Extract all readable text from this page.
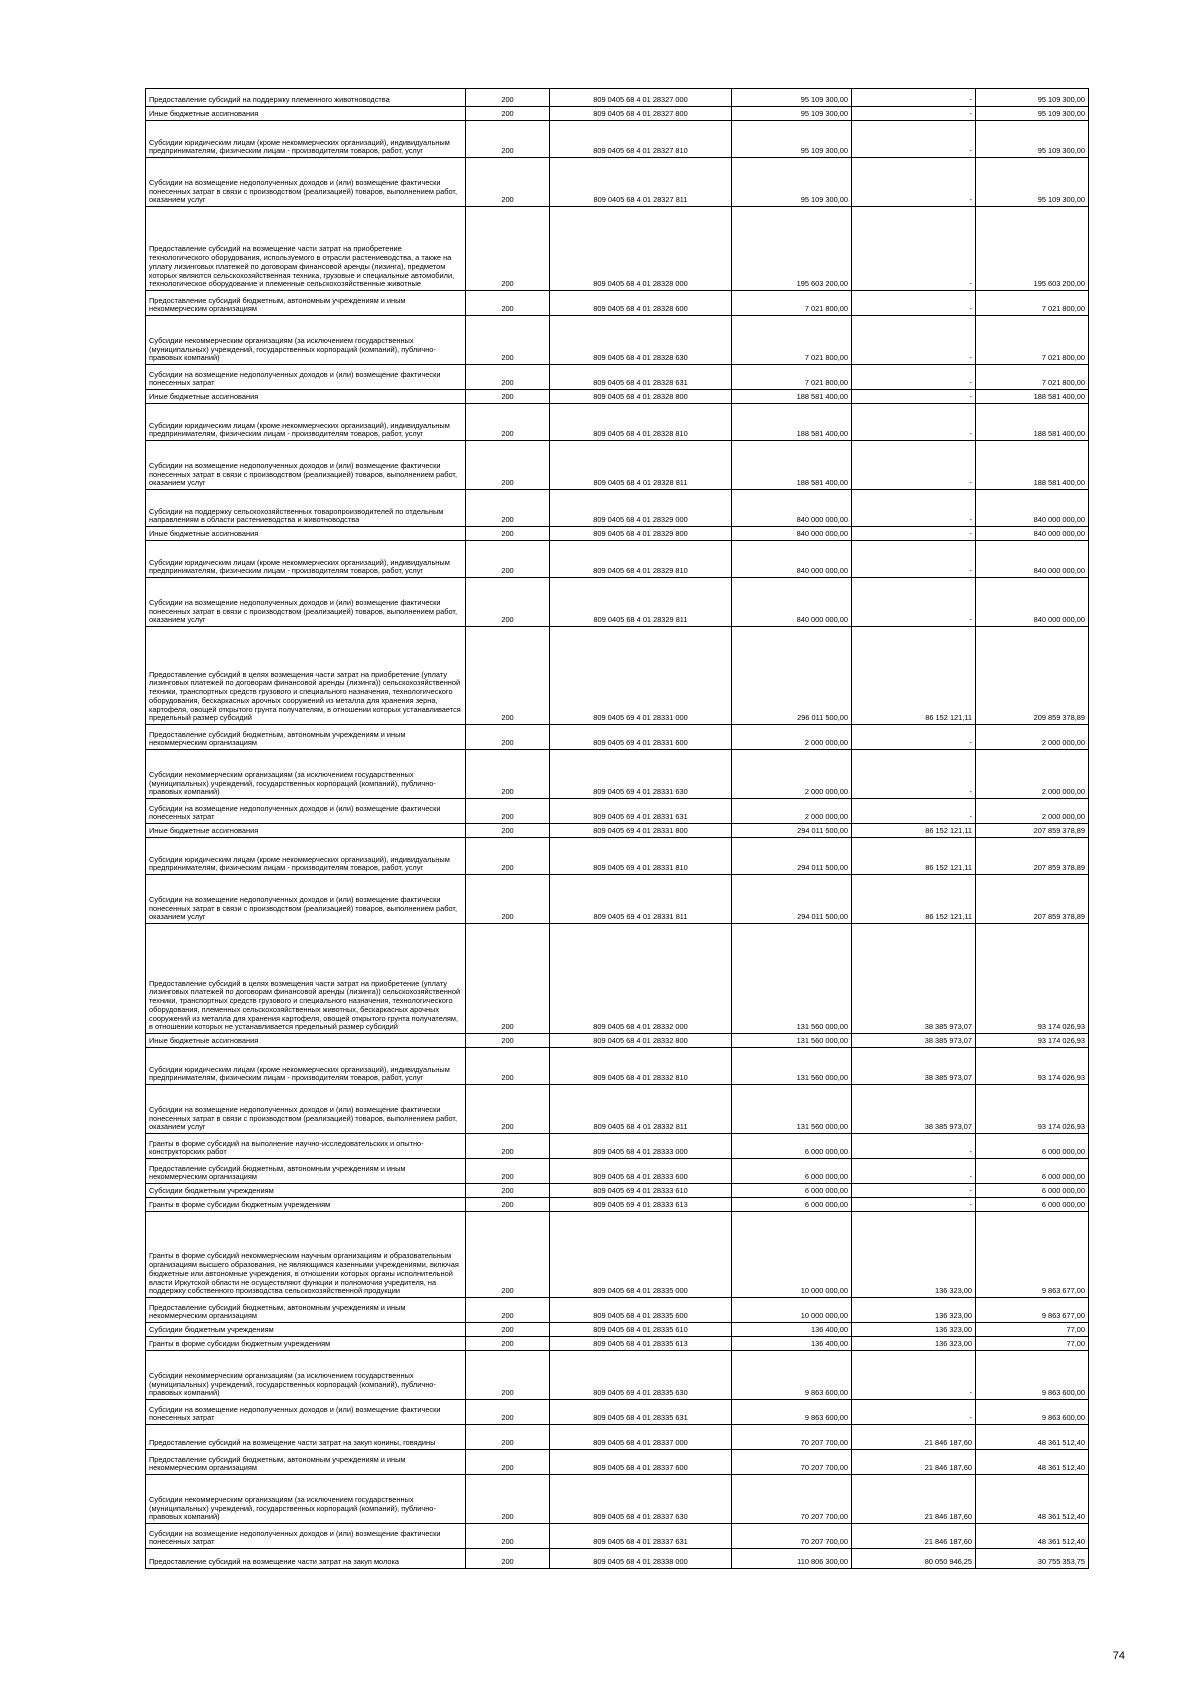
Предоставление субсидий на поддержку племенного животноводства	200	809 0405 68 4 01 28327 000	95 109 300,00	-	95 109 300,00
Иные бюджетные ассигнования	200	809 0405 68 4 01 28327 800	95 109 300,00	-	95 109 300,00
Субсидии юридическим лицам (кроме некоммерческих организаций), индивидуальным предпринимателям, физическим лицам - производителям товаров, работ, услуг	200	809 0405 68 4 01 28327 810	95 109 300,00	-	95 109 300,00
Субсидии на возмещение недополученных доходов и (или) возмещение фактически понесенных затрат в связи с производством (реализацией) товаров, выполнением работ, оказанием услуг	200	809 0405 68 4 01 28327 811	95 109 300,00	-	95 109 300,00
Предоставление субсидий на возмещение части затрат на приобретение технологического оборудования, используемого в отрасли растениеводства, а также на уплату лизинговых платежей по договорам финансовой аренды (лизинга), предметом которых являются сельскохозяйственная техника, грузовые и специальные автомобили, технологическое оборудование и племенные сельскохозяйственные животные	200	809 0405 68 4 01 28328 000	195 603 200,00	-	195 603 200,00
Предоставление субсидий бюджетным, автономным учреждениям и иным некоммерческим организациям	200	809 0405 68 4 01 28328 600	7 021 800,00	-	7 021 800,00
Субсидии некоммерческим организациям (за исключением государственных (муниципальных) учреждений, государственных корпораций (компаний), публично-правовых компаний)	200	809 0405 68 4 01 28328 630	7 021 800,00	-	7 021 800,00
Субсидии на возмещение недополученных доходов и (или) возмещение фактически понесенных затрат	200	809 0405 68 4 01 28328 631	7 021 800,00	-	7 021 800,00
Иные бюджетные ассигнования	200	809 0405 68 4 01 28328 800	188 581 400,00	-	188 581 400,00
Субсидии юридическим лицам (кроме некоммерческих организаций), индивидуальным предпринимателям, физическим лицам - производителям товаров, работ, услуг	200	809 0405 68 4 01 28328 810	188 581 400,00	-	188 581 400,00
Субсидии на возмещение недополученных доходов и (или) возмещение фактически понесенных затрат в связи с производством (реализацией) товаров, выполнением работ, оказанием услуг	200	809 0405 68 4 01 28328 811	188 581 400,00	-	188 581 400,00
Субсидии на поддержку сельскохозяйственных товаропроизводителей по отдельным направлениям в области растениеводства и животноводства	200	809 0405 68 4 01 28329 000	840 000 000,00	-	840 000 000,00
Иные бюджетные ассигнования	200	809 0405 68 4 01 28329 800	840 000 000,00	-	840 000 000,00
Субсидии юридическим лицам (кроме некоммерческих организаций), индивидуальным предпринимателям, физическим лицам - производителям товаров, работ, услуг	200	809 0405 68 4 01 28329 810	840 000 000,00	-	840 000 000,00
Субсидии на возмещение недополученных доходов и (или) возмещение фактически понесенных затрат в связи с производством (реализацией) товаров, выполнением работ, оказанием услуг	200	809 0405 68 4 01 28329 811	840 000 000,00	-	840 000 000,00
Предоставление субсидий в целях возмещения части затрат на приобретение (уплату лизинговых платежей по договорам финансовой аренды (лизинга)) сельскохозяйственной техники, транспортных средств грузового и специального назначения, технологического оборудования, бескаркасных арочных сооружений из металла для хранения зерна, картофеля, овощей открытого грунта получателям, в отношении которых устанавливается предельный размер субсидий	200	809 0405 69 4 01 28331 000	296 011 500,00	86 152 121,11	209 859 378,89
Предоставление субсидий бюджетным, автономным учреждениям и иным некоммерческим организациям	200	809 0405 69 4 01 28331 600	2 000 000,00	-	2 000 000,00
Субсидии некоммерческим организациям (за исключением государственных (муниципальных) учреждений, государственных корпораций (компаний), публично-правовых компаний)	200	809 0405 69 4 01 28331 630	2 000 000,00	-	2 000 000,00
Субсидии на возмещение недополученных доходов и (или) возмещение фактически понесенных затрат	200	809 0405 69 4 01 28331 631	2 000 000,00	-	2 000 000,00
Иные бюджетные ассигнования	200	809 0405 69 4 01 28331 800	294 011 500,00	86 152 121,11	207 859 378,89
Субсидии юридическим лицам (кроме некоммерческих организаций), индивидуальным предпринимателям, физическим лицам - производителям товаров, работ, услуг	200	809 0405 69 4 01 28331 810	294 011 500,00	86 152 121,11	207 859 378,89
Субсидии на возмещение недополученных доходов и (или) возмещение фактически понесенных затрат в связи с производством (реализацией) товаров, выполнением работ, оказанием услуг	200	809 0405 69 4 01 28331 811	294 011 500,00	86 152 121,11	207 859 378,89
Предоставление субсидий в целях возмещения части затрат на приобретение (уплату лизинговых платежей по договорам финансовой аренды (лизинга)) сельскохозяйственной техники, транспортных средств грузового и специального назначения, технологического оборудования, племенных сельскохозяйственных животных, бескаркасных арочных сооружений из металла для хранения картофеля, овощей открытого грунта получателям, в отношении которых не устанавливается предельный размер субсидий	200	809 0405 68 4 01 28332 000	131 560 000,00	38 385 973,07	93 174 026,93
Иные бюджетные ассигнования	200	809 0405 68 4 01 28332 800	131 560 000,00	38 385 973,07	93 174 026,93
Субсидии юридическим лицам (кроме некоммерческих организаций), индивидуальным предпринимателям, физическим лицам - производителям товаров, работ, услуг	200	809 0405 68 4 01 28332 810	131 560 000,00	38 385 973,07	93 174 026,93
Субсидии на возмещение недополученных доходов и (или) возмещение фактически понесенных затрат в связи с производством (реализацией) товаров, выполнением работ, оказанием услуг	200	809 0405 68 4 01 28332 811	131 560 000,00	38 385 973,07	93 174 026,93
Гранты в форме субсидий на выполнение научно-исследовательских и опытно-конструкторских работ	200	809 0405 68 4 01 28333 000	6 000 000,00	-	6 000 000,00
Предоставление субсидий бюджетным, автономным учреждениям и иным некоммерческим организациям	200	809 0405 68 4 01 28333 600	6 000 000,00	-	6 000 000,00
Субсидии бюджетным учреждениям	200	809 0405 69 4 01 28333 610	6 000 000,00	-	6 000 000,00
Гранты в форме субсидии бюджетным учреждениям	200	809 0405 69 4 01 28333 613	6 000 000,00	-	6 000 000,00
Гранты в форме субсидий некоммерческим научным организациям и образовательным организациям высшего образования, не являющимся казенными учреждениями, включая бюджетные или автономные учреждения, в отношении которых органы исполнительной власти Иркутской области не осуществляют функции и полномочия учредителя, на поддержку собственного производства сельскохозяйственной продукции	200	809 0405 68 4 01 28335 000	10 000 000,00	136 323,00	9 863 677,00
Предоставление субсидий бюджетным, автономным учреждениям и иным некоммерческим организациям	200	809 0405 68 4 01 28335 600	10 000 000,00	136 323,00	9 863 677,00
Субсидии бюджетным учреждениям	200	809 0405 68 4 01 28335 610	136 400,00	136 323,00	77,00
Гранты в форме субсидии бюджетным учреждениям	200	809 0405 68 4 01 28335 613	136 400,00	136 323,00	77,00
Субсидии некоммерческим организациям (за исключением государственных (муниципальных) учреждений, государственных корпораций (компаний), публично-правовых компаний)	200	809 0405 69 4 01 28335 630	9 863 600,00	-	9 863 600,00
Субсидии на возмещение недополученных доходов и (или) возмещение фактически понесенных затрат	200	809 0405 68 4 01 28335 631	9 863 600,00	-	9 863 600,00
Предоставление субсидий на возмещение части затрат на закуп конины, говядины	200	809 0405 68 4 01 28337 000	70 207 700,00	21 846 187,60	48 361 512,40
Предоставление субсидий бюджетным, автономным учреждениям и иным некоммерческим организациям	200	809 0405 68 4 01 28337 600	70 207 700,00	21 846 187,60	48 361 512,40
Субсидии некоммерческим организациям (за исключением государственных (муниципальных) учреждений, государственных корпораций (компаний), публично-правовых компаний)	200	809 0405 68 4 01 28337 630	70 207 700,00	21 846 187,60	48 361 512,40
Субсидии на возмещение недополученных доходов и (или) возмещение фактически понесенных затрат	200	809 0405 68 4 01 28337 631	70 207 700,00	21 846 187,60	48 361 512,40
Предоставление субсидий на возмещение части затрат на закуп молока	200	809 0405 68 4 01 28338 000	110 806 300,00	80 050 946,25	30 755 353,75
74
